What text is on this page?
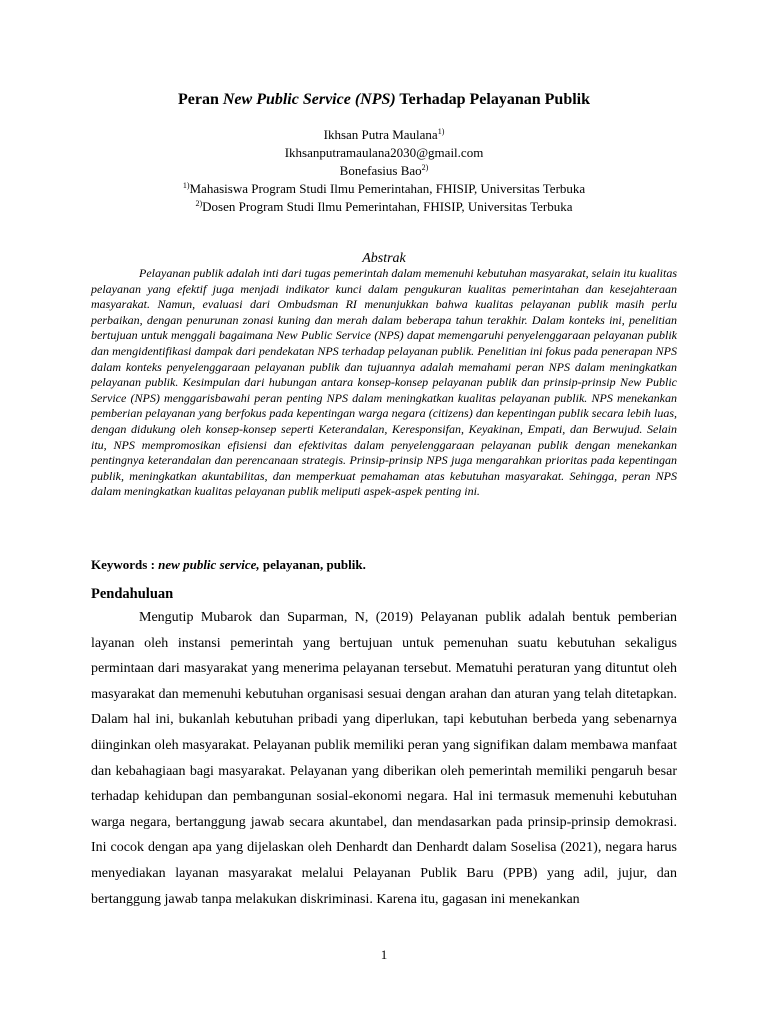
Peran New Public Service (NPS) Terhadap Pelayanan Publik
Ikhsan Putra Maulana$^{1)}$
Ikhsanputramaulana2030@gmail.com
Bonefasius Bao$^{2)}$
$^{1)}$Mahasiswa Program Studi Ilmu Pemerintahan, FHISIP, Universitas Terbuka
$^{2)}$Dosen Program Studi Ilmu Pemerintahan, FHISIP, Universitas Terbuka
Abstrak

Pelayanan publik adalah inti dari tugas pemerintah dalam memenuhi kebutuhan masyarakat, selain itu kualitas pelayanan yang efektif juga menjadi indikator kunci dalam pengukuran kualitas pemerintahan dan kesejahteraan masyarakat. Namun, evaluasi dari Ombudsman RI menunjukkan bahwa kualitas pelayanan publik masih perlu perbaikan, dengan penurunan zonasi kuning dan merah dalam beberapa tahun terakhir. Dalam konteks ini, penelitian bertujuan untuk menggali bagaimana New Public Service (NPS) dapat memengaruhi penyelenggaraan pelayanan publik dan mengidentifikasi dampak dari pendekatan NPS terhadap pelayanan publik. Penelitian ini fokus pada penerapan NPS dalam konteks penyelenggaraan pelayanan publik dan tujuannya adalah memahami peran NPS dalam meningkatkan pelayanan publik. Kesimpulan dari hubungan antara konsep-konsep pelayanan publik dan prinsip-prinsip New Public Service (NPS) menggarisbawahi peran penting NPS dalam meningkatkan kualitas pelayanan publik. NPS menekankan pemberian pelayanan yang berfokus pada kepentingan warga negara (citizens) dan kepentingan publik secara lebih luas, dengan didukung oleh konsep-konsep seperti Keterandalan, Keresponsifan, Keyakinan, Empati, dan Berwujud. Selain itu, NPS mempromosikan efisiensi dan efektivitas dalam penyelenggaraan pelayanan publik dengan menekankan pentingnya keterandalan dan perencanaan strategis. Prinsip-prinsip NPS juga mengarahkan prioritas pada kepentingan publik, meningkatkan akuntabilitas, dan memperkuat pemahaman atas kebutuhan masyarakat. Sehingga, peran NPS dalam meningkatkan kualitas pelayanan publik meliputi aspek-aspek penting ini.

Keywords : new public service, pelayanan, publik.
Pendahuluan

Mengutip Mubarok dan Suparman, N, (2019) Pelayanan publik adalah bentuk pemberian layanan oleh instansi pemerintah yang bertujuan untuk pemenuhan suatu kebutuhan sekaligus permintaan dari masyarakat yang menerima pelayanan tersebut. Mematuhi peraturan yang dituntut oleh masyarakat dan memenuhi kebutuhan organisasi sesuai dengan arahan dan aturan yang telah ditetapkan. Dalam hal ini, bukanlah kebutuhan pribadi yang diperlukan, tapi kebutuhan berbeda yang sebenarnya diinginkan oleh masyarakat. Pelayanan publik memiliki peran yang signifikan dalam membawa manfaat dan kebahagiaan bagi masyarakat. Pelayanan yang diberikan oleh pemerintah memiliki pengaruh besar terhadap kehidupan dan pembangunan sosial-ekonomi negara. Hal ini termasuk memenuhi kebutuhan warga negara, bertanggung jawab secara akuntabel, dan mendasarkan pada prinsip-prinsip demokrasi. Ini cocok dengan apa yang dijelaskan oleh Denhardt dan Denhardt dalam Soselisa (2021), negara harus menyediakan layanan masyarakat melalui Pelayanan Publik Baru (PPB) yang adil, jujur, dan bertanggung jawab tanpa melakukan diskriminasi. Karena itu, gagasan ini menekankan

1
